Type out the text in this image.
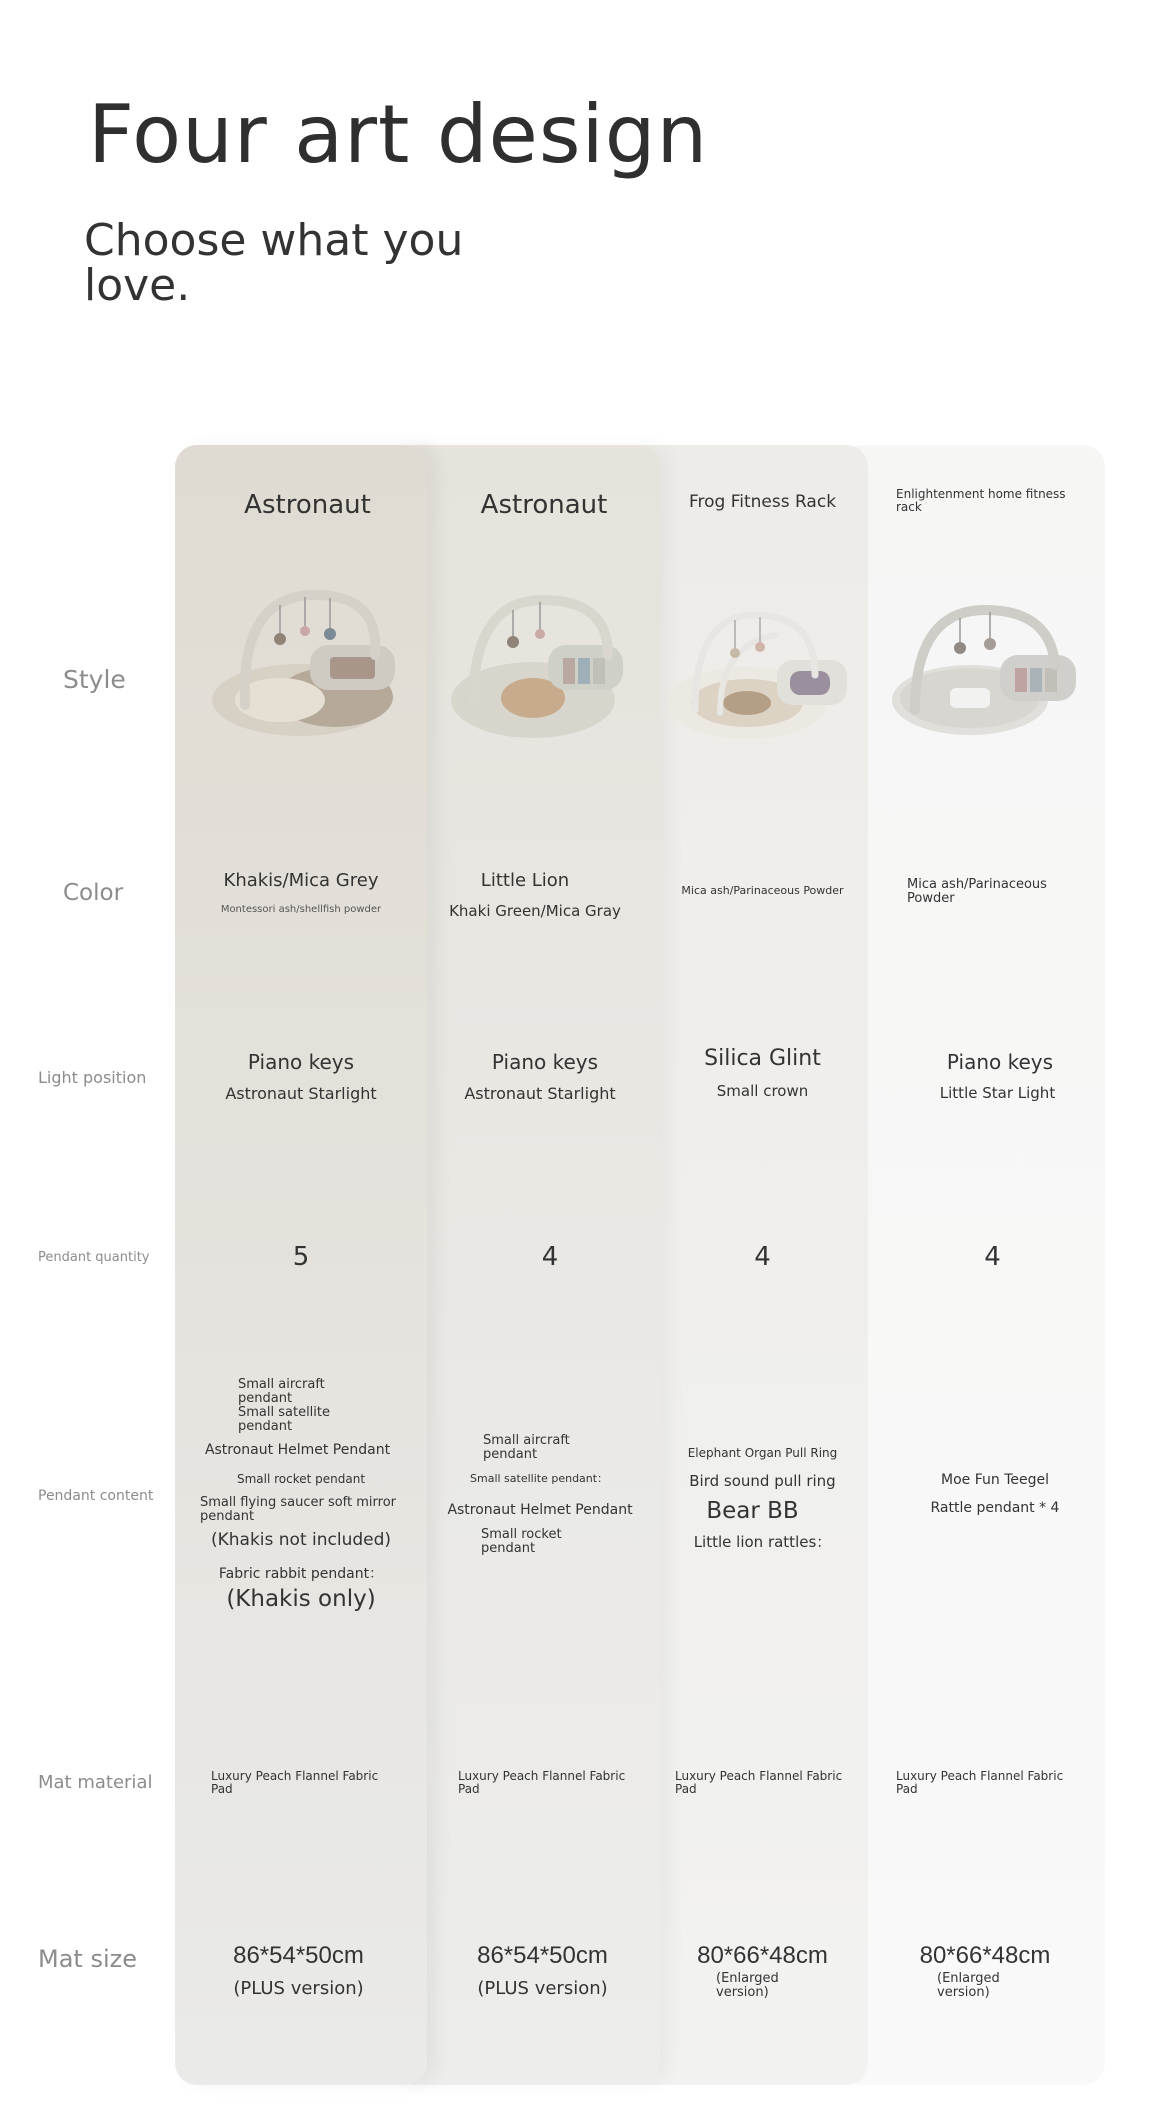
Four art design
Choose what you love.
Style
Color
Light position
Pendant quantity
Pendant content
Mat material
Mat size
Astronaut
Khakis/Mica Grey
Montessori ash/shellfish powder
Piano keys
Astronaut Starlight
5
Small aircraft pendant
Small satellite pendant
Astronaut Helmet Pendant
Small rocket pendant
Small flying saucer soft mirror pendant
(Khakis not included)
Fabric rabbit pendant：
(Khakis only)
Luxury Peach Flannel Fabric Pad
86*54*50cm
(PLUS version)
Astronaut
Little Lion
Khaki Green/Mica Gray
Piano keys
Astronaut Starlight
4
Small aircraft pendant
Small satellite pendant：
Astronaut Helmet Pendant
Small rocket pendant
Luxury Peach Flannel Fabric Pad
86*54*50cm
(PLUS version)
Frog Fitness Rack
Mica ash/Parinaceous Powder
Silica Glint
Small crown
4
Elephant Organ Pull Ring
Bird sound pull ring
Bear BB
Little lion rattles：
Luxury Peach Flannel Fabric Pad
80*66*48cm
(Enlarged version)
Enlightenment home fitness rack
Mica ash/Parinaceous Powder
Piano keys
Little Star Light
4
Moe Fun Teegel
Rattle pendant * 4
Luxury Peach Flannel Fabric Pad
80*66*48cm
(Enlarged version)
